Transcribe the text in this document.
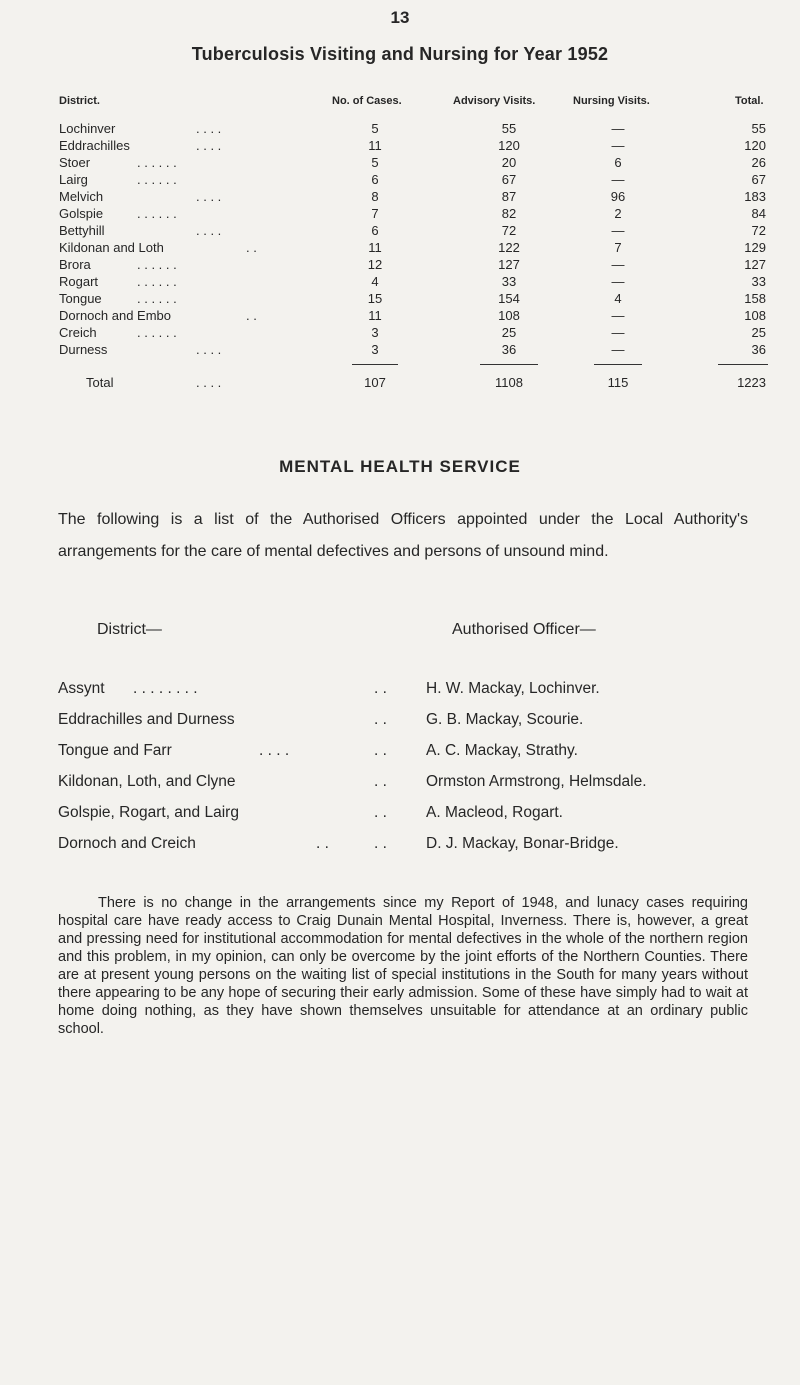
13
Tuberculosis Visiting and Nursing for Year 1952
District.	No. of Cases.	Advisory Visits.	Nursing Visits.	Total.
Lochinver	. . . .	5	55	—	55
Eddrachilles	. . . .	11	120	—	120
Stoer	. . . . . .	5	20	6	26
Lairg	. . . . . .	6	67	—	67
Melvich	. . . .	8	87	96	183
Golspie	. . . . . .	7	82	2	84
Bettyhill	. . . .	6	72	—	72
Kildonan and Loth	. .	11	122	7	129
Brora	. . . . . .	12	127	—	127
Rogart	. . . . . .	4	33	—	33
Tongue	. . . . . .	15	154	4	158
Dornoch and Embo	. .	11	108	—	108
Creich	. . . . . .	3	25	—	25
Durness	. . . .	3	36	—	36
Total	. . . .	107	1108	115	1223
MENTAL HEALTH SERVICE
The following is a list of the Authorised Officers appointed under the Local Authority's arrangements for the care of mental defectives and persons of unsound mind.
District—	Authorised Officer—
Assynt . . . . . . . .	. .	H. W. Mackay, Lochinver.
Eddrachilles and Durness	. .	G. B. Mackay, Scourie.
Tongue and Farr	. . . .	. .	A. C. Mackay, Strathy.
Kildonan, Loth, and Clyne	. .	Ormston Armstrong, Helmsdale.
Golspie, Rogart, and Lairg	. .	A. Macleod, Rogart.
Dornoch and Creich	. .	. .	D. J. Mackay, Bonar-Bridge.
There is no change in the arrangements since my Report of 1948, and lunacy cases requiring hospital care have ready access to Craig Dunain Mental Hospital, Inverness. There is, however, a great and pressing need for institutional accommodation for mental defectives in the whole of the northern region and this problem, in my opinion, can only be overcome by the joint efforts of the Northern Counties. There are at present young persons on the waiting list of special institutions in the South for many years without there appearing to be any hope of securing their early admission. Some of these have simply had to wait at home doing nothing, as they have shown themselves unsuitable for attendance at an ordinary public school.
